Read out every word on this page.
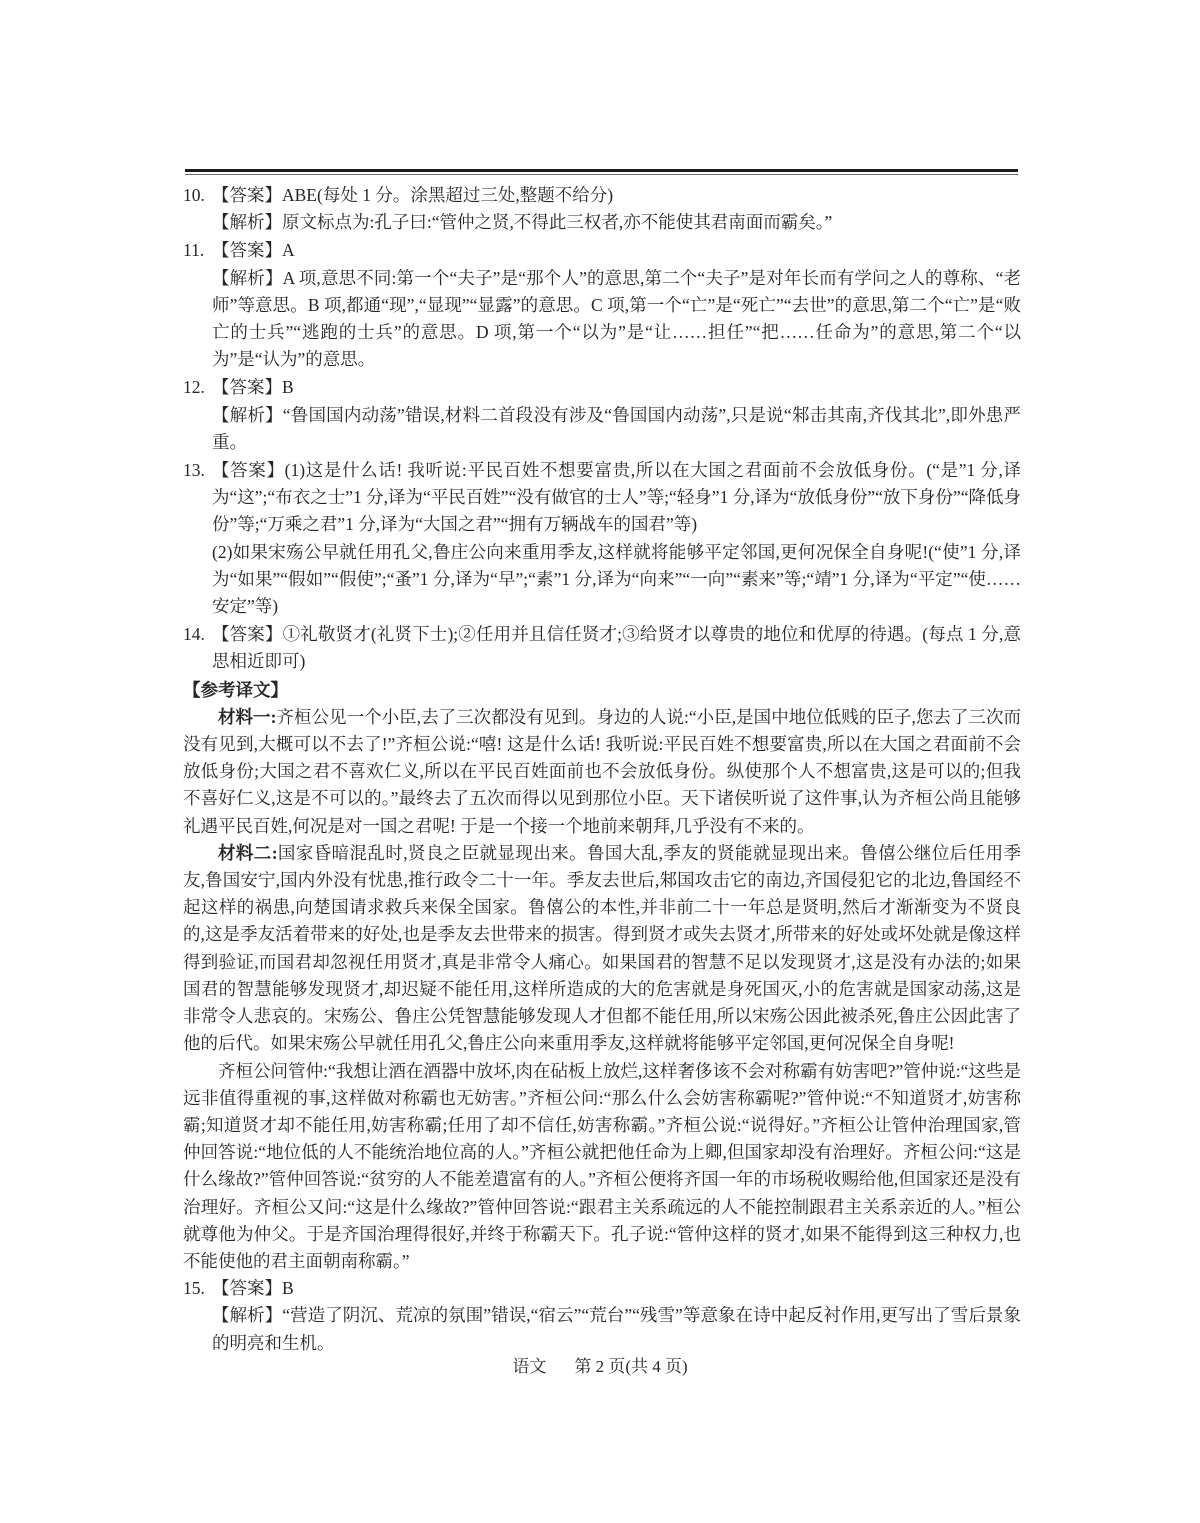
10. 【答案】ABE(每处 1 分。涂黑超过三处,整题不给分)

【解析】原文标点为:孔子曰:“管仲之贤,不得此三权者,亦不能使其君南面而霸矣。”

11. 【答案】A

【解析】A 项,意思不同:第一个“夫子”是“那个人”的意思,第二个“夫子”是对年长而有学问之人的尊称、“老师”等意思。B 项,都通“现”,“显现”“显露”的意思。C 项,第一个“亡”是“死亡”“去世”的意思,第二个“亡”是“败亡的士兵”“逃跑的士兵”的意思。D 项,第一个“以为”是“让……担任”“把……任命为”的意思,第二个“以为”是“认为”的意思。

12. 【答案】B

【解析】“鲁国国内动荡”错误,材料二首段没有涉及“鲁国国内动荡”,只是说“邾击其南,齐伐其北”,即外患严重。

13. 【答案】(1)这是什么话! 我听说:平民百姓不想要富贵,所以在大国之君面前不会放低身份。(“是”1 分,译为“这”;“布衣之士”1 分,译为“平民百姓”“没有做官的士人”等;“轻身”1 分,译为“放低身份”“放下身份”“降低身份”等;“万乘之君”1 分,译为“大国之君”“拥有万辆战车的国君”等)

(2)如果宋殇公早就任用孔父,鲁庄公向来重用季友,这样就将能够平定邻国,更何况保全自身呢!(“使”1 分,译为“如果”“假如”“假使”;“蚤”1 分,译为“早”;“素”1 分,译为“向来”“一向”“素来”等;“靖”1 分,译为“平定”“使……安定”等)

14. 【答案】①礼敬贤才(礼贤下士);②任用并且信任贤才;③给贤才以尊贵的地位和优厚的待遇。(每点 1 分,意思相近即可)

【参考译文】

材料一:齐桓公见一个小臣,去了三次都没有见到。身边的人说:“小臣,是国中地位低贱的臣子,您去了三次而没有见到,大概可以不去了!”齐桓公说:“嘻! 这是什么话! 我听说:平民百姓不想要富贵,所以在大国之君面前不会放低身份;大国之君不喜欢仁义,所以在平民百姓面前也不会放低身份。纵使那个人不想富贵,这是可以的;但我不喜好仁义,这是不可以的。”最终去了五次而得以见到那位小臣。天下诸侯听说了这件事,认为齐桓公尚且能够礼遇平民百姓,何况是对一国之君呢! 于是一个接一个地前来朝拜,几乎没有不来的。

材料二:国家昏暗混乱时,贤良之臣就显现出来。鲁国大乱,季友的贤能就显现出来。鲁僖公继位后任用季友,鲁国安宁,国内外没有忧患,推行政令二十一年。季友去世后,邾国攻击它的南边,齐国侵犯它的北边,鲁国经不起这样的祸患,向楚国请求救兵来保全国家。鲁僖公的本性,并非前二十一年总是贤明,然后才渐渐变为不贤良的,这是季友活着带来的好处,也是季友去世带来的损害。得到贤才或失去贤才,所带来的好处或坏处就是像这样得到验证,而国君却忽视任用贤才,真是非常令人痛心。如果国君的智慧不足以发现贤才,这是没有办法的;如果国君的智慧能够发现贤才,却迟疑不能任用,这样所造成的大的危害就是身死国灭,小的危害就是国家动荡,这是非常令人悲哀的。宋殇公、鲁庄公凭智慧能够发现人才但都不能任用,所以宋殇公因此被杀死,鲁庄公因此害了他的后代。如果宋殇公早就任用孔父,鲁庄公向来重用季友,这样就将能够平定邻国,更何况保全自身呢!

齐桓公问管仲:“我想让酒在酒器中放坏,肉在砧板上放烂,这样奢侈该不会对称霸有妨害吧?”管仲说:“这些是远非值得重视的事,这样做对称霸也无妨害。”齐桓公问:“那么什么会妨害称霸呢?”管仲说:“不知道贤才,妨害称霸;知道贤才却不能任用,妨害称霸;任用了却不信任,妨害称霸。”齐桓公说:“说得好。”齐桓公让管仲治理国家,管仲回答说:“地位低的人不能统治地位高的人。”齐桓公就把他任命为上卿,但国家却没有治理好。齐桓公问:“这是什么缘故?”管仲回答说:“贫穷的人不能差遣富有的人。”齐桓公便将齐国一年的市场税收赐给他,但国家还是没有治理好。齐桓公又问:“这是什么缘故?”管仲回答说:“跟君主关系疏远的人不能控制跟君主关系亲近的人。”桓公就尊他为仲父。于是齐国治理得很好,并终于称霸天下。孔子说:“管仲这样的贤才,如果不能得到这三种权力,也不能使他的君主面朝南称霸。”

15. 【答案】B

【解析】“营造了阴沉、荒凉的氛围”错误,“宿云”“荒台”“残雪”等意象在诗中起反衬作用,更写出了雪后景象的明亮和生机。

语文 第 2 页(共 4 页)
